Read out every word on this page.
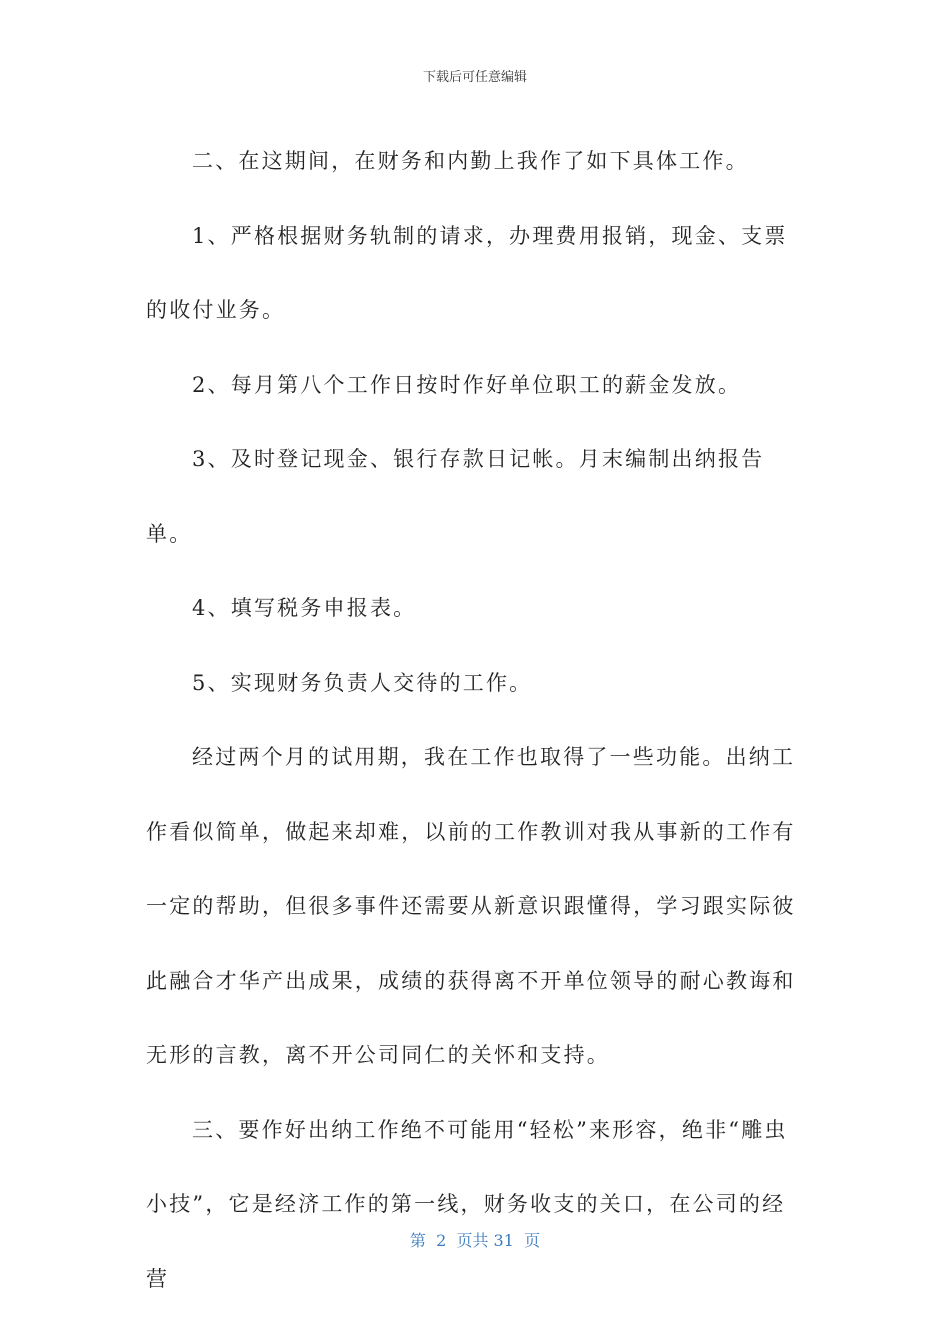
下载后可任意编辑

二、在这期间，在财务和内勤上我作了如下具体工作。

1、严格根据财务轨制的请求，办理费用报销，现金、支票的收付业务。

2、每月第八个工作日按时作好单位职工的薪金发放。

3、及时登记现金、银行存款日记帐。月末编制出纳报告单。

4、填写税务申报表。

5、实现财务负责人交待的工作。

经过两个月的试用期，我在工作也取得了一些功能。出纳工作看似简单，做起来却难，以前的工作教训对我从事新的工作有一定的帮助，但很多事件还需要从新意识跟懂得，学习跟实际彼此融合才华产出成果，成绩的获得离不开单位领导的耐心教诲和无形的言教，离不开公司同仁的关怀和支持。

三、要作好出纳工作绝不可能用“轻松”来形容，绝非“雕虫小技”，它是经济工作的第一线，财务收支的关口，在公司的经营

第  2  页共 31  页
